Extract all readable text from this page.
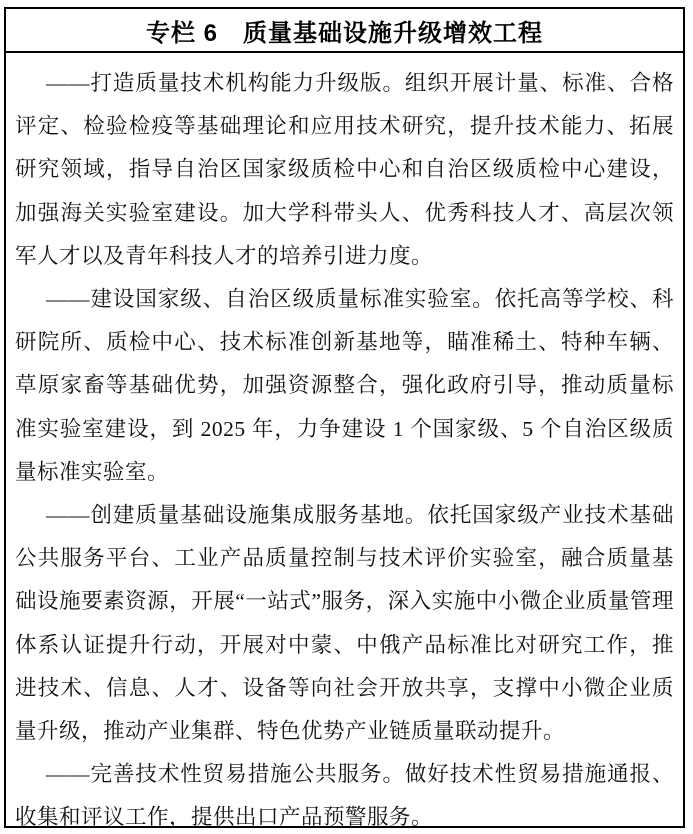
专栏 6　质量基础设施升级增效工程

——打造质量技术机构能力升级版。组织开展计量、标准、合格评定、检验检疫等基础理论和应用技术研究，提升技术能力、拓展研究领域，指导自治区国家级质检中心和自治区级质检中心建设，加强海关实验室建设。加大学科带头人、优秀科技人才、高层次领军人才以及青年科技人才的培养引进力度。

——建设国家级、自治区级质量标准实验室。依托高等学校、科研院所、质检中心、技术标准创新基地等，瞄准稀土、特种车辆、草原家畜等基础优势，加强资源整合，强化政府引导，推动质量标准实验室建设，到 2025 年，力争建设 1 个国家级、5 个自治区级质量标准实验室。

——创建质量基础设施集成服务基地。依托国家级产业技术基础公共服务平台、工业产品质量控制与技术评价实验室，融合质量基础设施要素资源，开展“一站式”服务，深入实施中小微企业质量管理体系认证提升行动，开展对中蒙、中俄产品标准比对研究工作，推进技术、信息、人才、设备等向社会开放共享，支撑中小微企业质量升级，推动产业集群、特色优势产业链质量联动提升。

——完善技术性贸易措施公共服务。做好技术性贸易措施通报、收集和评议工作，提供出口产品预警服务。
